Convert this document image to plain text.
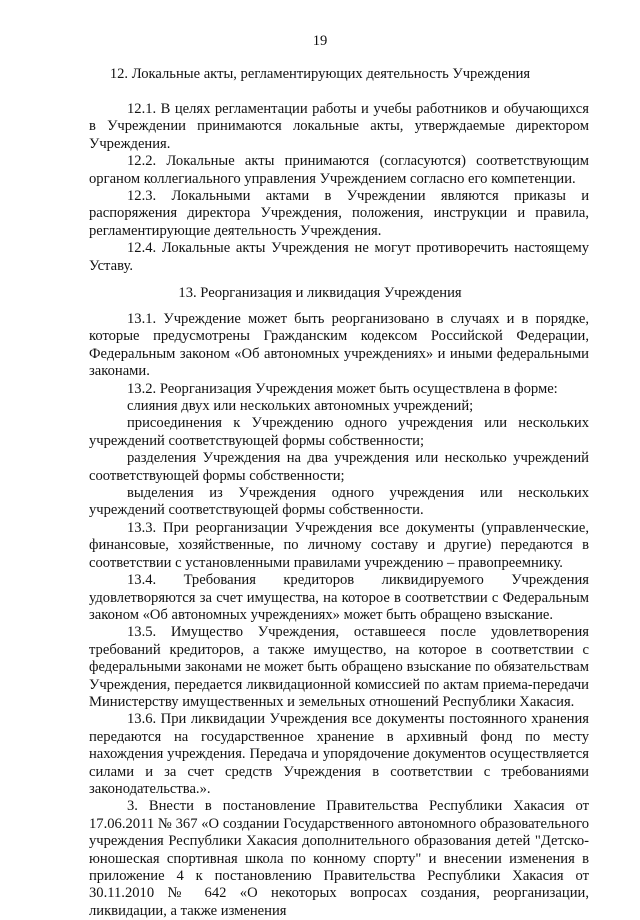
19
12. Локальные акты, регламентирующих деятельность Учреждения

12.1. В целях регламентации работы и учебы работников и обучающихся в Учреждении принимаются локальные акты, утверждаемые директором Учреждения.

12.2. Локальные акты принимаются (согласуются) соответствующим органом коллегиального управления Учреждением согласно его компетенции.

12.3. Локальными актами в Учреждении являются приказы и распоряжения директора Учреждения, положения, инструкции и правила, регламентирующие деятельность Учреждения.

12.4. Локальные акты Учреждения не могут противоречить настоящему Уставу.

13. Реорганизация и ликвидация Учреждения

13.1. Учреждение может быть реорганизовано в случаях и в порядке, которые предусмотрены Гражданским кодексом Российской Федерации, Федеральным законом «Об автономных учреждениях» и иными федеральными законами.

13.2. Реорганизация Учреждения может быть осуществлена в форме:

слияния двух или нескольких автономных учреждений;

присоединения к Учреждению одного учреждения или нескольких учреждений соответствующей формы собственности;

разделения Учреждения на два учреждения или несколько учреждений соответствующей формы собственности;

выделения из Учреждения одного учреждения или нескольких учреждений соответствующей формы собственности.

13.3. При реорганизации Учреждения все документы (управленческие, финансовые, хозяйственные, по личному составу и другие) передаются в соответствии с установленными правилами учреждению – правопреемнику.

13.4. Требования кредиторов ликвидируемого Учреждения удовлетворяются за счет имущества, на которое в соответствии с Федеральным законом «Об автономных учреждениях» может быть обращено взыскание.

13.5. Имущество Учреждения, оставшееся после удовлетворения требований кредиторов, а также имущество, на которое в соответствии с федеральными законами не может быть обращено взыскание по обязательствам Учреждения, передается ликвидационной комиссией по актам приема-передачи Министерству имущественных и земельных отношений Республики Хакасия.

13.6. При ликвидации Учреждения все документы постоянного хранения передаются на государственное хранение в архивный фонд по месту нахождения учреждения. Передача и упорядочение документов осуществляется силами и за счет средств Учреждения в соответствии с требованиями законодательства.».

3. Внести в постановление Правительства Республики Хакасия от 17.06.2011 № 367 «О создании Государственного автономного образовательного учреждения Республики Хакасия дополнительного образования детей "Детско-юношеская спортивная школа по конному спорту" и внесении изменения в приложение 4 к постановлению Правительства Республики Хакасия от 30.11.2010 № 642 «О некоторых вопросах создания, реорганизации, ликвидации, а также изменения
